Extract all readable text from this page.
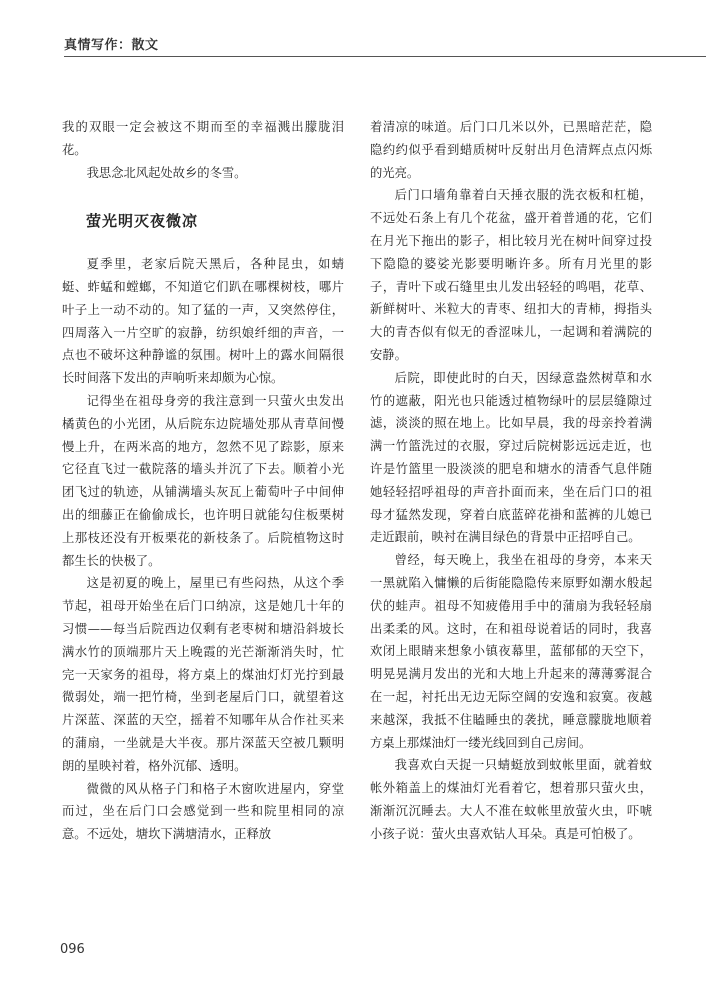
真情写作：散文

我的双眼一定会被这不期而至的幸福溅出朦胧泪花。

我思念北风起处故乡的冬雪。

萤光明灭夜微凉

夏季里，老家后院天黑后，各种昆虫，如蜻蜓、蚱蜢和螳螂，不知道它们趴在哪棵树枝，哪片叶子上一动不动的。知了猛的一声，又突然停住，四周落入一片空旷的寂静，纺织娘纤细的声音，一点也不破坏这种静谧的氛围。树叶上的露水间隔很长时间落下发出的声响听来却颇为心惊。

记得坐在祖母身旁的我注意到一只萤火虫发出橘黄色的小光团，从后院东边院墙处那从青草间慢慢上升，在两米高的地方，忽然不见了踪影，原来它径直飞过一截院落的墙头并沉了下去。顺着小光团飞过的轨迹，从铺满墙头灰瓦上葡萄叶子中间伸出的细藤正在偷偷成长，也许明日就能勾住板栗树上那枝还没有开板栗花的新枝条了。后院植物这时都生长的快极了。

这是初夏的晚上，屋里已有些闷热，从这个季节起，祖母开始坐在后门口纳凉，这是她几十年的习惯——每当后院西边仅剩有老枣树和塘沿斜坡长满水竹的顶端那片天上晚霞的光芒渐渐消失时，忙完一天家务的祖母，将方桌上的煤油灯灯光拧到最微弱处，端一把竹椅，坐到老屋后门口，就望着这片深蓝、深蓝的天空，摇着不知哪年从合作社买来的蒲扇，一坐就是大半夜。那片深蓝天空被几颗明朗的星映衬着，格外沉郁、透明。

微微的风从格子门和格子木窗吹进屋内，穿堂而过，坐在后门口会感觉到一些和院里相同的凉意。不远处，塘坎下满塘清水，正释放

着清凉的味道。后门口几米以外，已黑暗茫茫，隐隐约约似乎看到蜡质树叶反射出月色清辉点点闪烁的光亮。

后门口墙角靠着白天捶衣服的洗衣板和杠槌，不远处石条上有几个花盆，盛开着普通的花，它们在月光下拖出的影子，相比较月光在树叶间穿过投下隐隐的婆娑光影要明晰许多。所有月光里的影子，青叶下或石缝里虫儿发出轻轻的鸣唱，花草、新鲜树叶、米粒大的青枣、纽扣大的青柿，拇指头大的青杏似有似无的香涩味儿，一起调和着满院的安静。

后院，即使此时的白天，因绿意盎然树草和水竹的遮蔽，阳光也只能透过植物绿叶的层层缝隙过滤，淡淡的照在地上。比如早晨，我的母亲拎着满满一竹篮洗过的衣服，穿过后院树影远远走近，也许是竹篮里一股淡淡的肥皂和塘水的清香气息伴随她轻轻招呼祖母的声音扑面而来，坐在后门口的祖母才猛然发现，穿着白底蓝碎花褂和蓝裤的儿媳已走近跟前，映衬在满目绿色的背景中正招呼自己。

曾经，每天晚上，我坐在祖母的身旁，本来天一黑就陷入慵懒的后街能隐隐传来原野如潮水般起伏的蛙声。祖母不知疲倦用手中的蒲扇为我轻轻扇出柔柔的风。这时，在和祖母说着话的同时，我喜欢闭上眼睛来想象小镇夜幕里，蓝郁郁的天空下，明晃晃满月发出的光和大地上升起来的薄薄雾混合在一起，衬托出无边无际空阔的安逸和寂寞。夜越来越深，我抵不住瞌睡虫的袭扰，睡意朦胧地顺着方桌上那煤油灯一缕光线回到自己房间。

我喜欢白天捉一只蜻蜓放到蚊帐里面，就着蚊帐外箱盖上的煤油灯光看着它，想着那只萤火虫，渐渐沉沉睡去。大人不准在蚊帐里放萤火虫，吓唬小孩子说：萤火虫喜欢钻人耳朵。真是可怕极了。

096
